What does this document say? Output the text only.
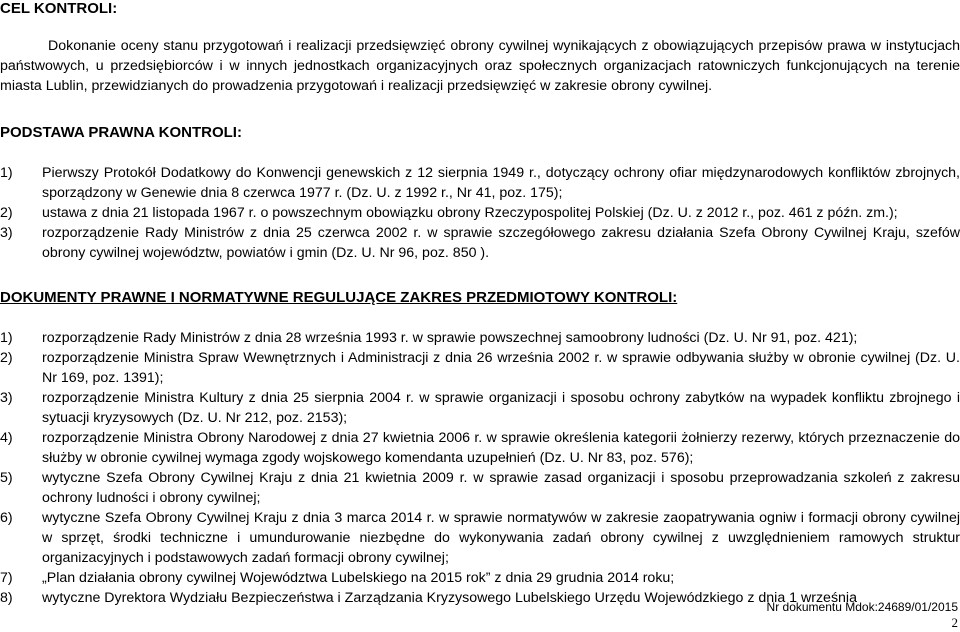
CEL KONTROLI:
Dokonanie oceny stanu przygotowań i realizacji przedsięwzięć obrony cywilnej wynikających z obowiązujących przepisów prawa w instytucjach państwowych, u przedsiębiorców i w innych jednostkach organizacyjnych oraz społecznych organizacjach ratowniczych funkcjonujących na terenie miasta Lublin, przewidzianych do prowadzenia przygotowań i realizacji przedsięwzięć w zakresie obrony cywilnej.
PODSTAWA PRAWNA KONTROLI:
1)	Pierwszy Protokół Dodatkowy do Konwencji genewskich z 12 sierpnia 1949 r., dotyczący ochrony ofiar międzynarodowych konfliktów zbrojnych, sporządzony w Genewie dnia 8 czerwca 1977 r. (Dz. U. z 1992 r., Nr 41, poz. 175);
2)	ustawa z dnia 21 listopada 1967 r. o powszechnym obowiązku obrony Rzeczypospolitej Polskiej (Dz. U. z 2012 r., poz. 461 z późn. zm.);
3)	rozporządzenie Rady Ministrów z dnia 25 czerwca 2002 r. w sprawie szczegółowego zakresu działania Szefa Obrony Cywilnej Kraju, szefów obrony cywilnej województw, powiatów i gmin (Dz. U. Nr 96, poz. 850 ).
DOKUMENTY PRAWNE I NORMATYWNE REGULUJĄCE ZAKRES PRZEDMIOTOWY KONTROLI:
1)	rozporządzenie Rady Ministrów z dnia 28 września 1993 r. w sprawie powszechnej samoobrony ludności (Dz. U. Nr 91, poz. 421);
2)	rozporządzenie Ministra Spraw Wewnętrznych i Administracji z dnia 26 września 2002 r. w sprawie odbywania służby w obronie cywilnej (Dz. U. Nr 169, poz. 1391);
3)	rozporządzenie Ministra Kultury z dnia 25 sierpnia 2004 r. w sprawie organizacji i sposobu ochrony zabytków na wypadek konfliktu zbrojnego i sytuacji kryzysowych (Dz. U. Nr 212, poz. 2153);
4)	rozporządzenie Ministra Obrony Narodowej z dnia 27 kwietnia 2006 r. w sprawie określenia kategorii żołnierzy rezerwy, których przeznaczenie do służby w obronie cywilnej wymaga zgody wojskowego komendanta uzupełnień (Dz. U. Nr 83, poz. 576);
5)	wytyczne Szefa Obrony Cywilnej Kraju z dnia 21 kwietnia 2009 r. w sprawie zasad organizacji i sposobu przeprowadzania szkoleń z zakresu ochrony ludności i obrony cywilnej;
6)	wytyczne Szefa Obrony Cywilnej Kraju z dnia 3 marca 2014 r. w sprawie normatywów w zakresie zaopatrywania ogniw i formacji obrony cywilnej w sprzęt, środki techniczne i umundurowanie niezbędne do wykonywania zadań obrony cywilnej z uwzględnieniem ramowych struktur organizacyjnych i podstawowych zadań formacji obrony cywilnej;
7)	„Plan działania obrony cywilnej Województwa Lubelskiego na 2015 rok” z dnia 29 grudnia 2014 roku;
8)	wytyczne Dyrektora Wydziału Bezpieczeństwa i Zarządzania Kryzysowego Lubelskiego Urzędu Wojewódzkiego z dnia 1 września
Nr dokumentu Mdok:24689/01/2015
2
